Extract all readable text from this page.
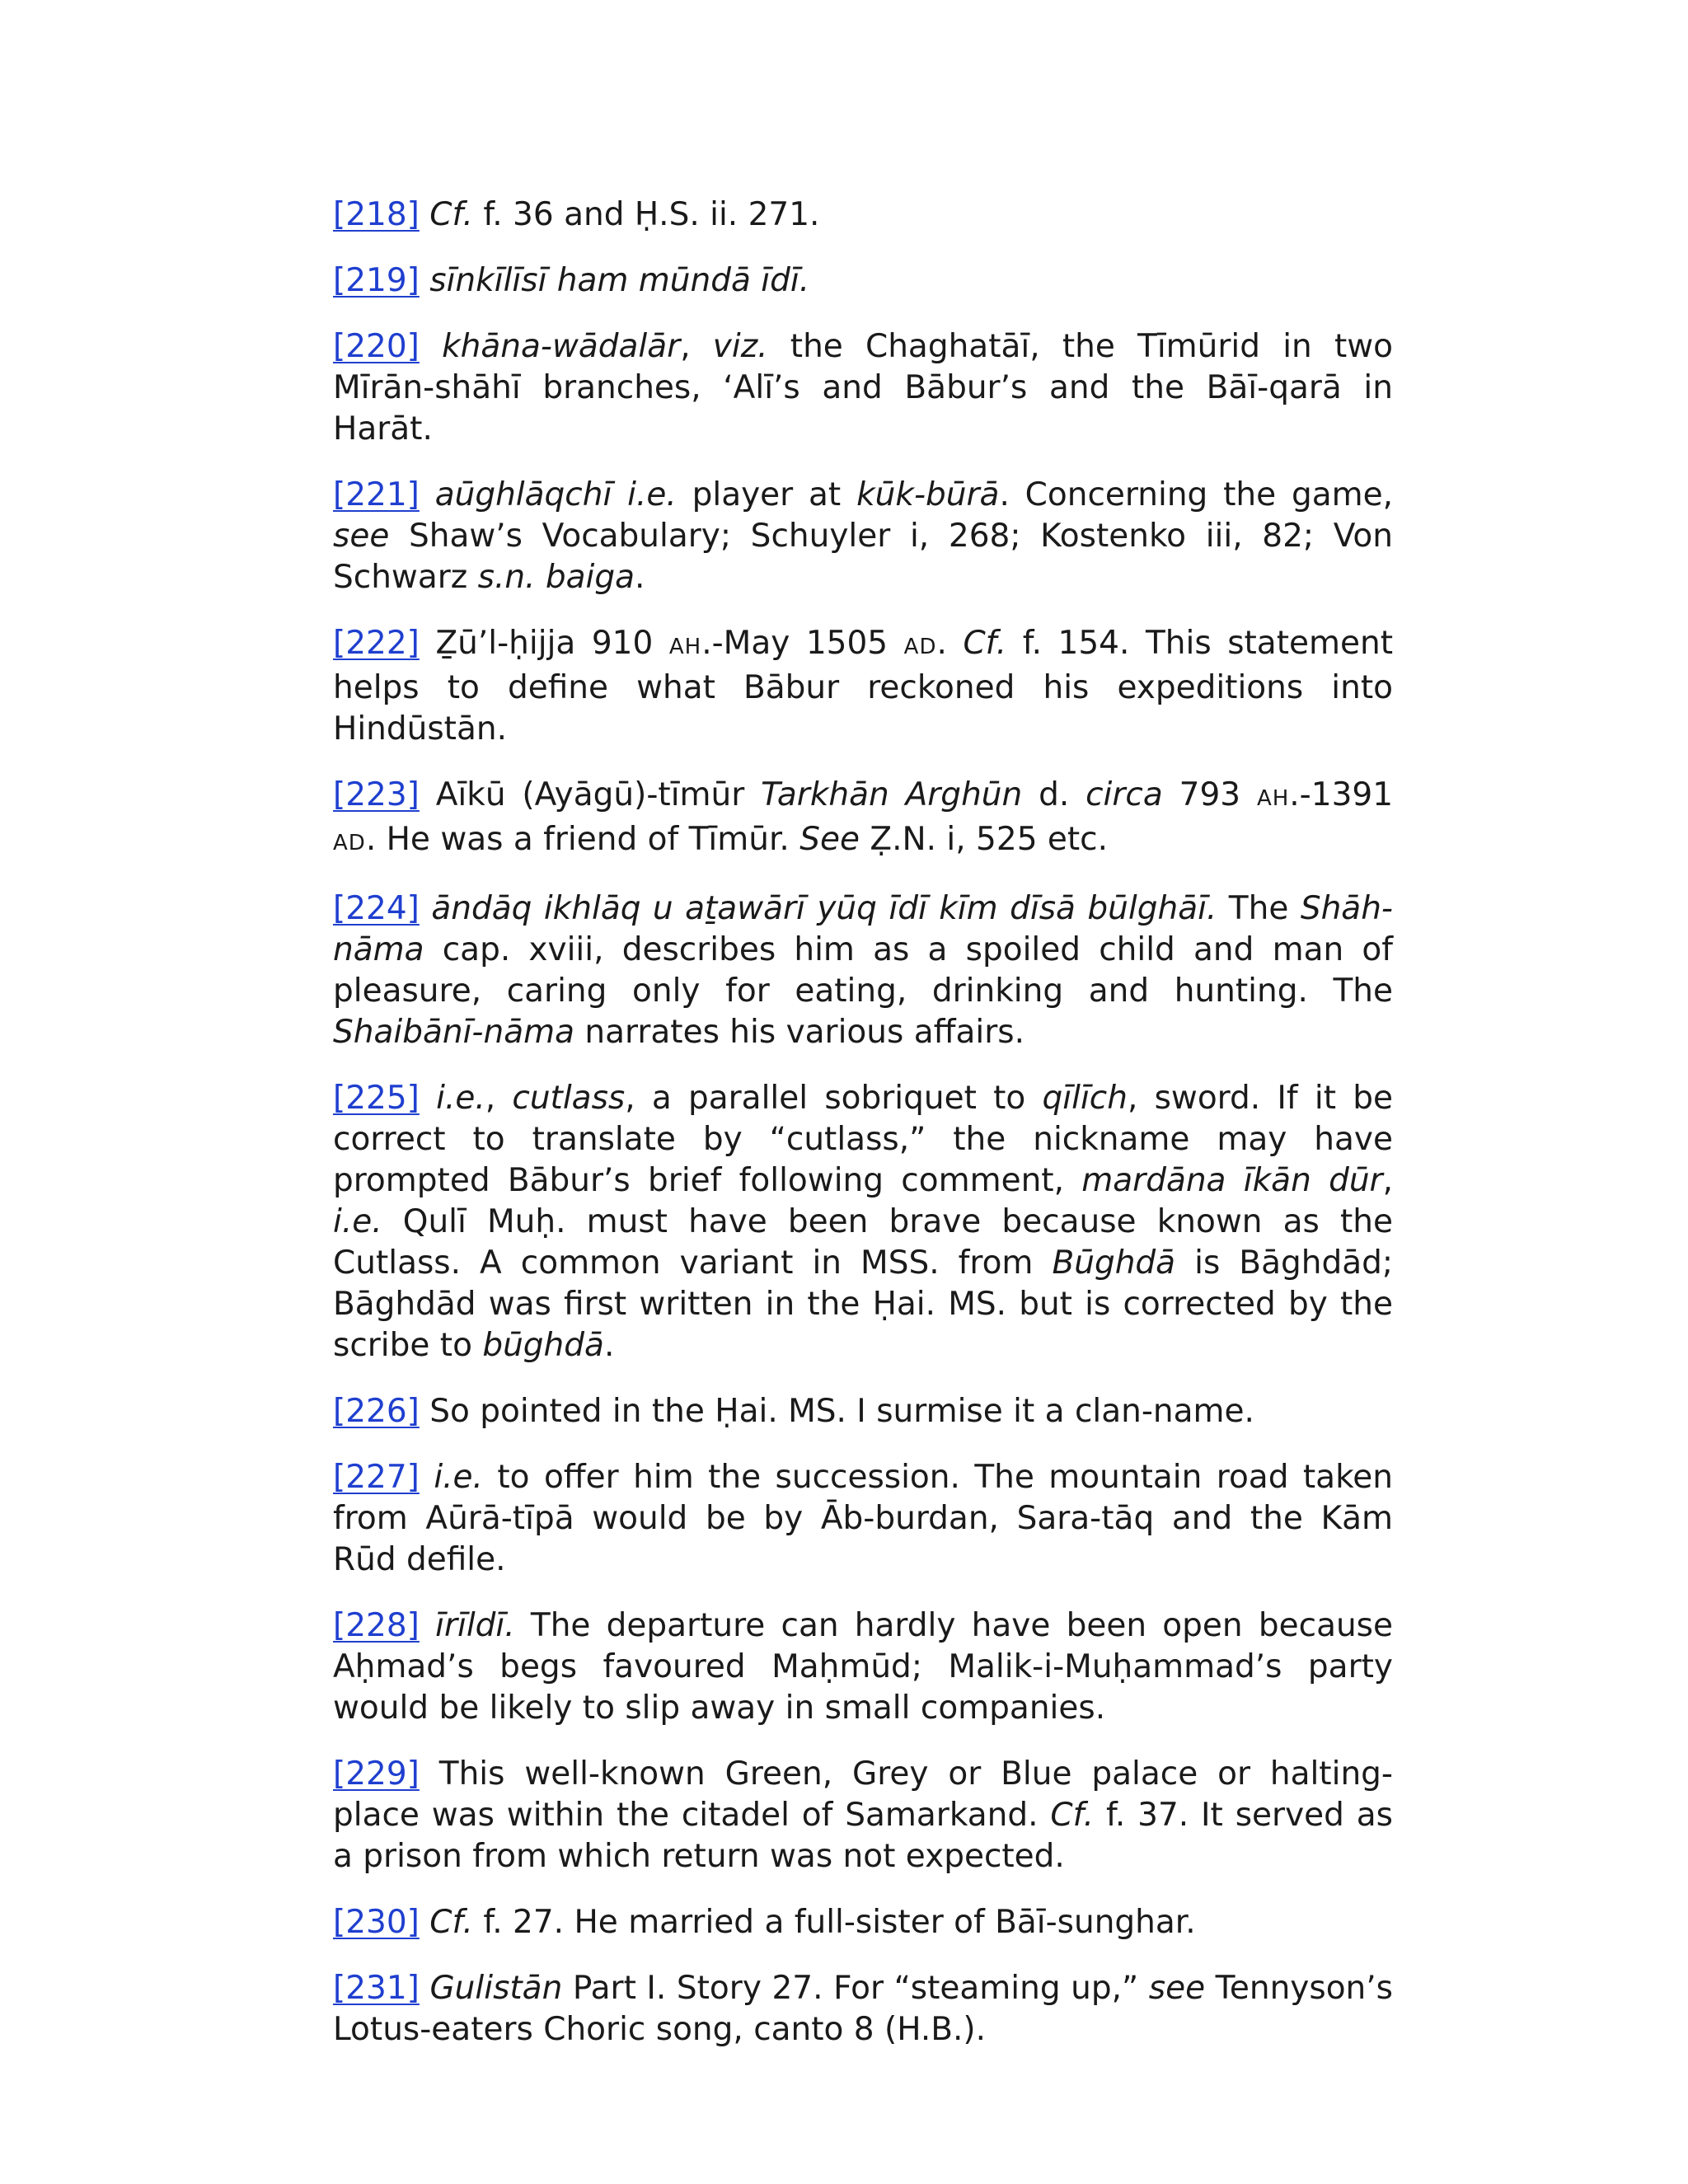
[218] Cf. f. 36 and Ḥ.S. ii. 271.

[219] sīnkīlīsī ham mūndā īdī.

[220] khāna-wādalār, viz. the Chaghatāī, the Tīmūrid in two Mīrān-shāhī branches, ‘Alī’s and Bābur’s and the Bāī-qarā in Harāt.

[221] aūghlāqchī i.e. player at kūk-būrā. Concerning the game, see Shaw’s Vocabulary; Schuyler i, 268; Kostenko iii, 82; Von Schwarz s.n. baiga.

[222] Ẕū’l-ḥijja 910 AH.-May 1505 AD. Cf. f. 154. This statement helps to define what Bābur reckoned his expeditions into Hindūstān.

[223] Aīkū (Ayāgū)-tīmūr Tarkhān Arghūn d. circa 793 AH.-1391 AD. He was a friend of Tīmūr. See Ẓ.N. i, 525 etc.

[224] āndāq ikhlāq u aṯawārī yūq īdī kīm dīsā būlghāī. The Shāh-nāma cap. xviii, describes him as a spoiled child and man of pleasure, caring only for eating, drinking and hunting. The Shaibānī-nāma narrates his various affairs.

[225] i.e., cutlass, a parallel sobriquet to qīlīch, sword. If it be correct to translate by “cutlass,” the nickname may have prompted Bābur’s brief following comment, mardāna īkān dūr, i.e. Qulī Muḥ. must have been brave because known as the Cutlass. A common variant in MSS. from Būghdā is Bāghdād; Bāghdād was first written in the Ḥai. MS. but is corrected by the scribe to būghdā.

[226] So pointed in the Ḥai. MS. I surmise it a clan-name.

[227] i.e. to offer him the succession. The mountain road taken from Aūrā-tīpā would be by Āb-burdan, Sara-tāq and the Kām Rūd defile.

[228] īrīldī. The departure can hardly have been open because Aḥmad’s begs favoured Maḥmūd; Malik-i-Muḥammad’s party would be likely to slip away in small companies.

[229] This well-known Green, Grey or Blue palace or halting-place was within the citadel of Samarkand. Cf. f. 37. It served as a prison from which return was not expected.

[230] Cf. f. 27. He married a full-sister of Bāī-sunghar.

[231] Gulistān Part I. Story 27. For “steaming up,” see Tennyson’s Lotus-eaters Choric song, canto 8 (H.B.).
